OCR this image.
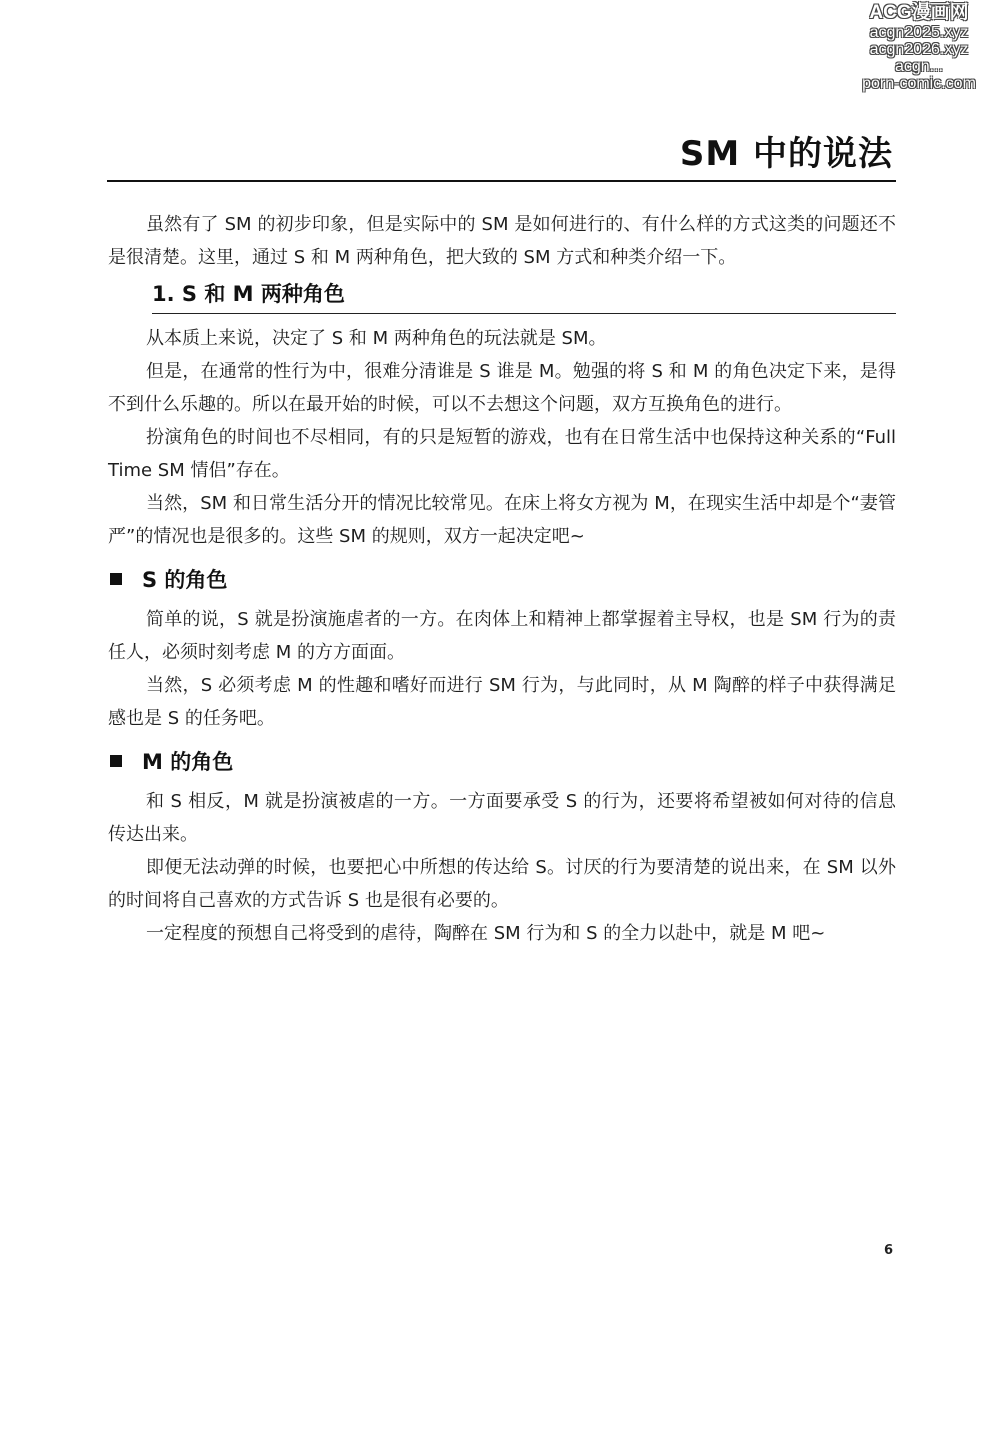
ACG漫画网
acgn2025.xyz
acgn2026.xyz
acgn...
porn-comic.com
SM 中的说法

虽然有了 SM 的初步印象，但是实际中的 SM 是如何进行的、有什么样的方式这类的问题还不是很清楚。这里，通过 S 和 M 两种角色，把大致的 SM 方式和种类介绍一下。

1. S 和 M 两种角色

从本质上来说，决定了 S 和 M 两种角色的玩法就是 SM。

但是，在通常的性行为中，很难分清谁是 S 谁是 M。勉强的将 S 和 M 的角色决定下来，是得不到什么乐趣的。所以在最开始的时候，可以不去想这个问题，双方互换角色的进行。

扮演角色的时间也不尽相同，有的只是短暂的游戏，也有在日常生活中也保持这种关系的“Full Time SM 情侣”存在。

当然，SM 和日常生活分开的情况比较常见。在床上将女方视为 M，在现实生活中却是个“妻管严”的情况也是很多的。这些 SM 的规则，双方一起决定吧~

S 的角色

简单的说，S 就是扮演施虐者的一方。在肉体上和精神上都掌握着主导权，也是 SM 行为的责任人，必须时刻考虑 M 的方方面面。

当然，S 必须考虑 M 的性趣和嗜好而进行 SM 行为，与此同时，从 M 陶醉的样子中获得满足感也是 S 的任务吧。

M 的角色

和 S 相反，M 就是扮演被虐的一方。一方面要承受 S 的行为，还要将希望被如何对待的信息传达出来。

即便无法动弹的时候，也要把心中所想的传达给 S。讨厌的行为要清楚的说出来，在 SM 以外的时间将自己喜欢的方式告诉 S 也是很有必要的。

一定程度的预想自己将受到的虐待，陶醉在 SM 行为和 S 的全力以赴中，就是 M 吧~

6
